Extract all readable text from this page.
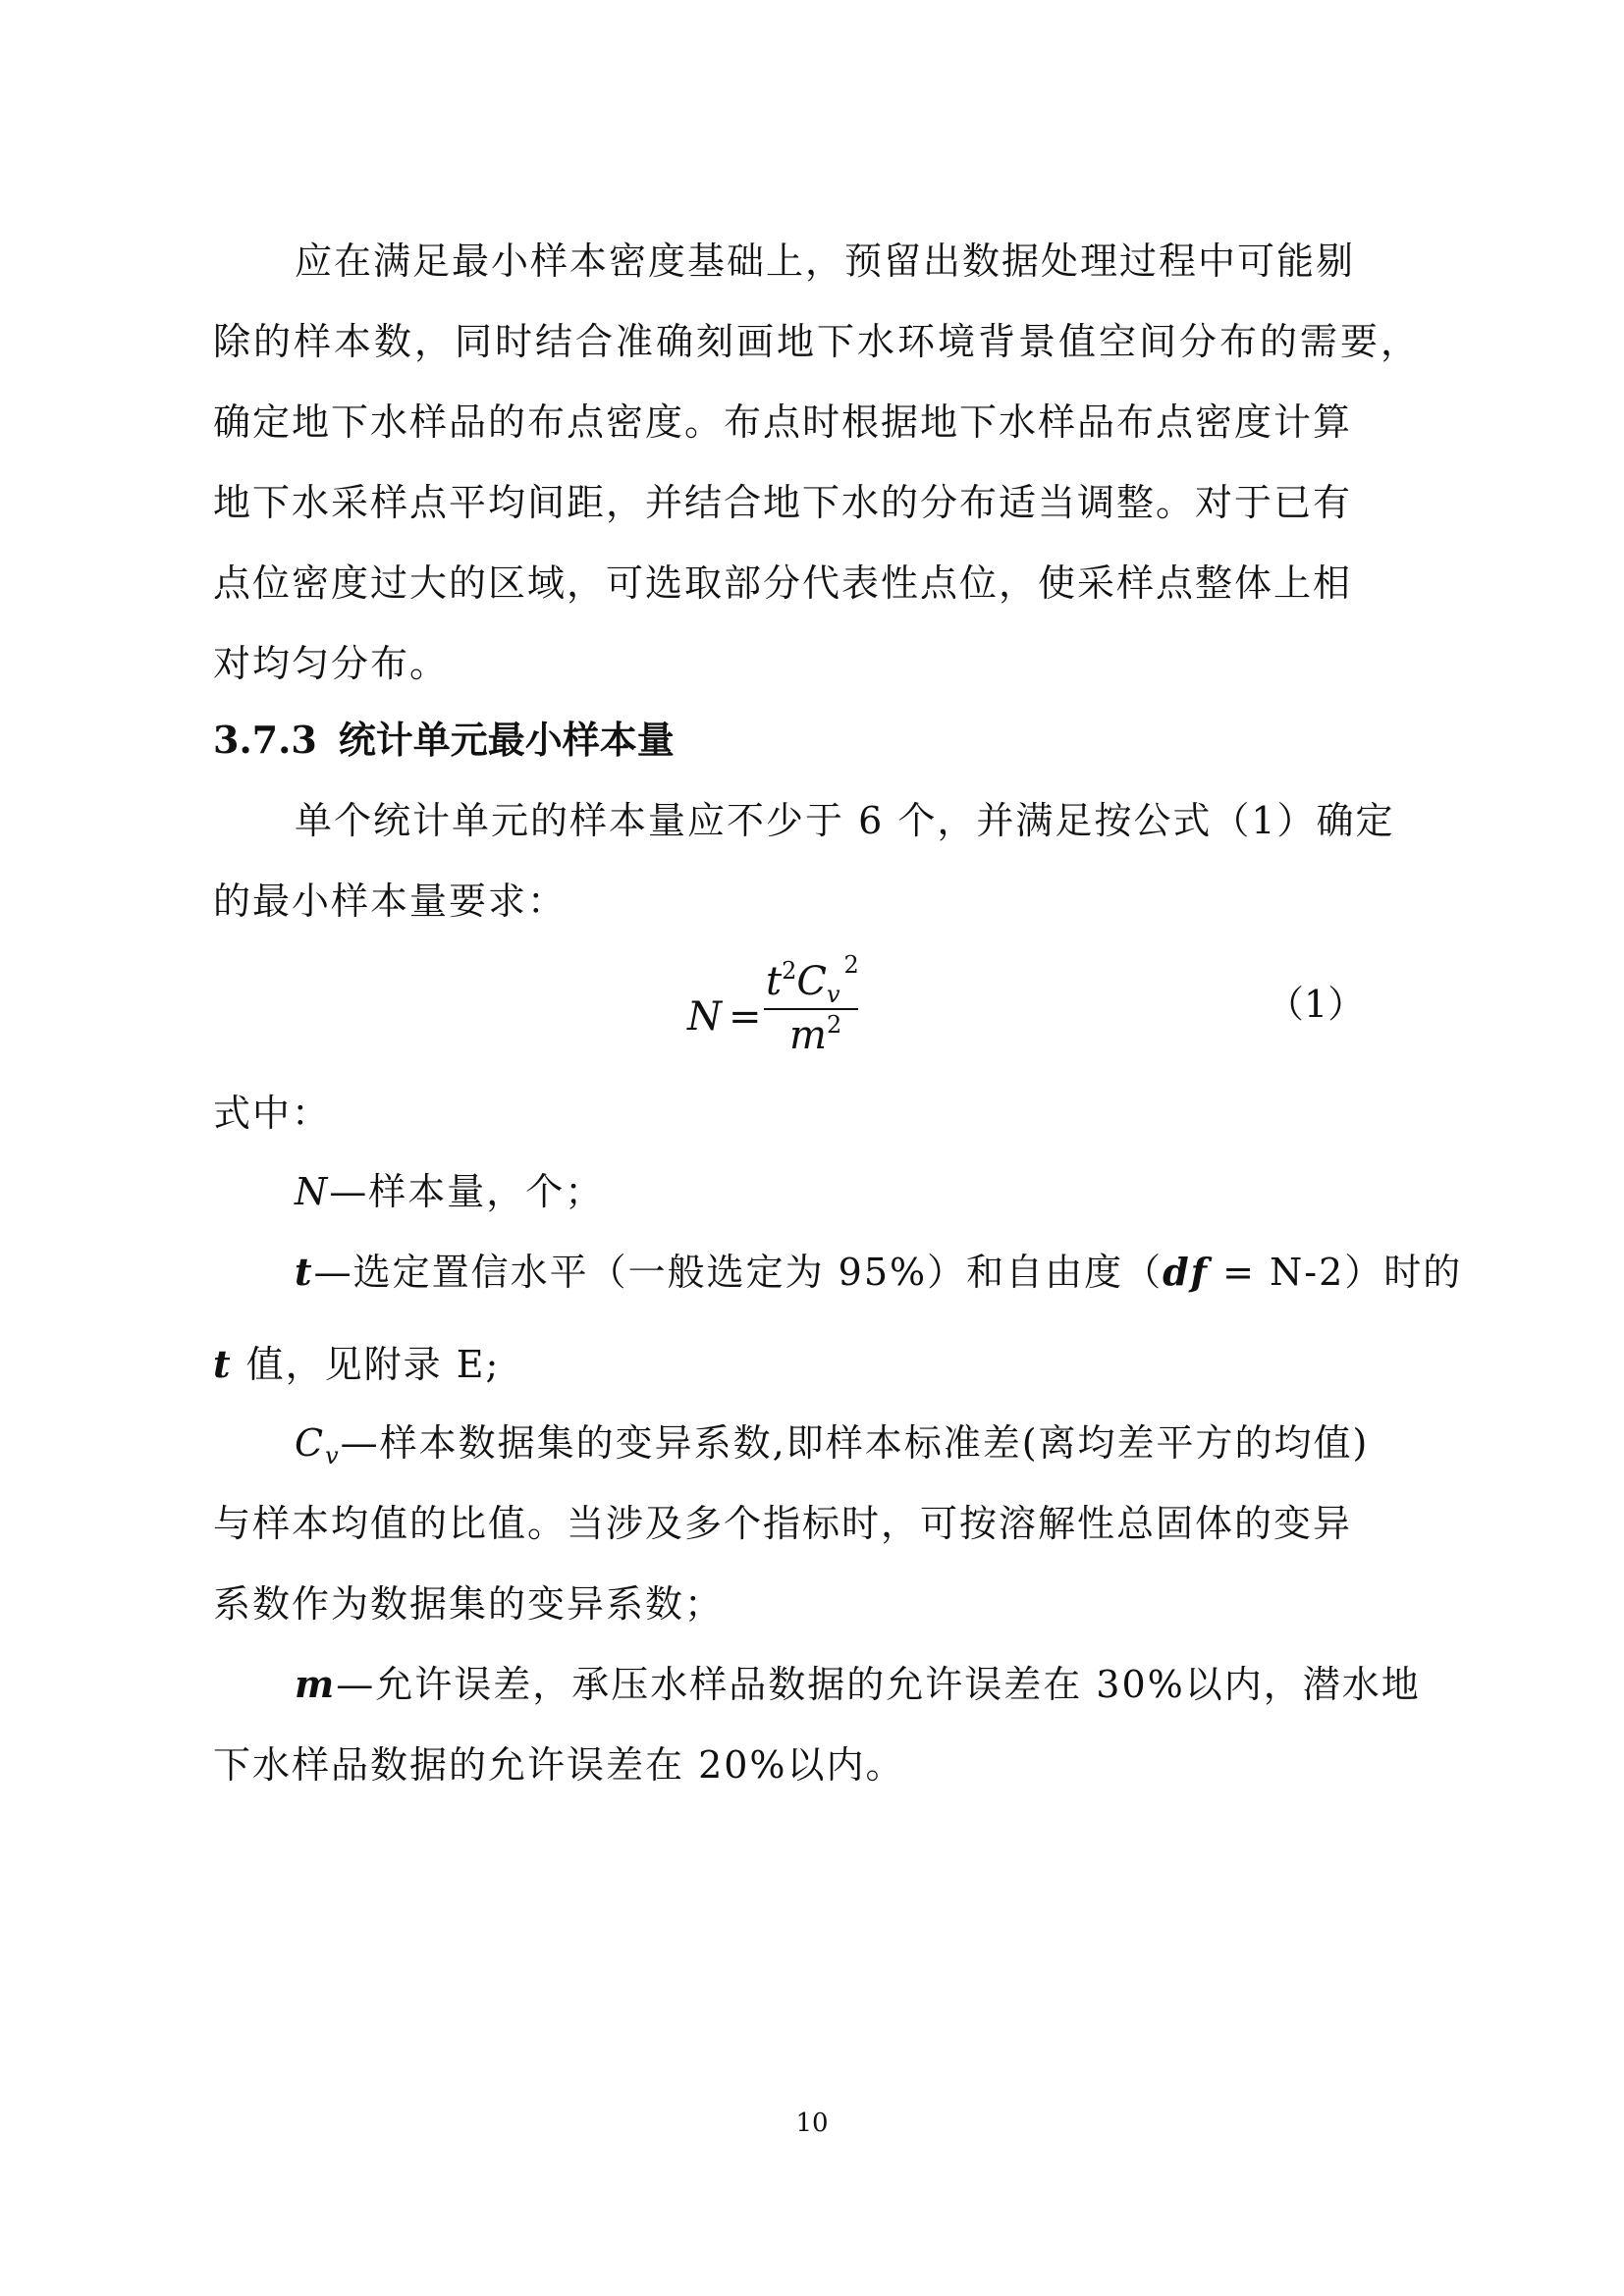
应在满足最小样本密度基础上，预留出数据处理过程中可能剔
除的样本数，同时结合准确刻画地下水环境背景值空间分布的需要，
确定地下水样品的布点密度。布点时根据地下水样品布点密度计算
地下水采样点平均间距，并结合地下水的分布适当调整。对于已有
点位密度过大的区域，可选取部分代表性点位，使采样点整体上相
对均匀分布。
3.7.3 统计单元最小样本量
单个统计单元的样本量应不少于 6 个，并满足按公式（1）确定
的最小样本量要求：
N =
$t^2C_v^2$
$m^2$	（1）
式中：
N—样本量，个；
t—选定置信水平（一般选定为 95%）和自由度（df = N-2）时的
t 值，见附录 E;
$C_v—$样本数据集的变异系数,即样本标准差(离均差平方的均值)
与样本均值的比值。当涉及多个指标时，可按溶解性总固体的变异
系数作为数据集的变异系数；
m—允许误差，承压水样品数据的允许误差在 30%以内，潜水地
下水样品数据的允许误差在 20%以内。
10
